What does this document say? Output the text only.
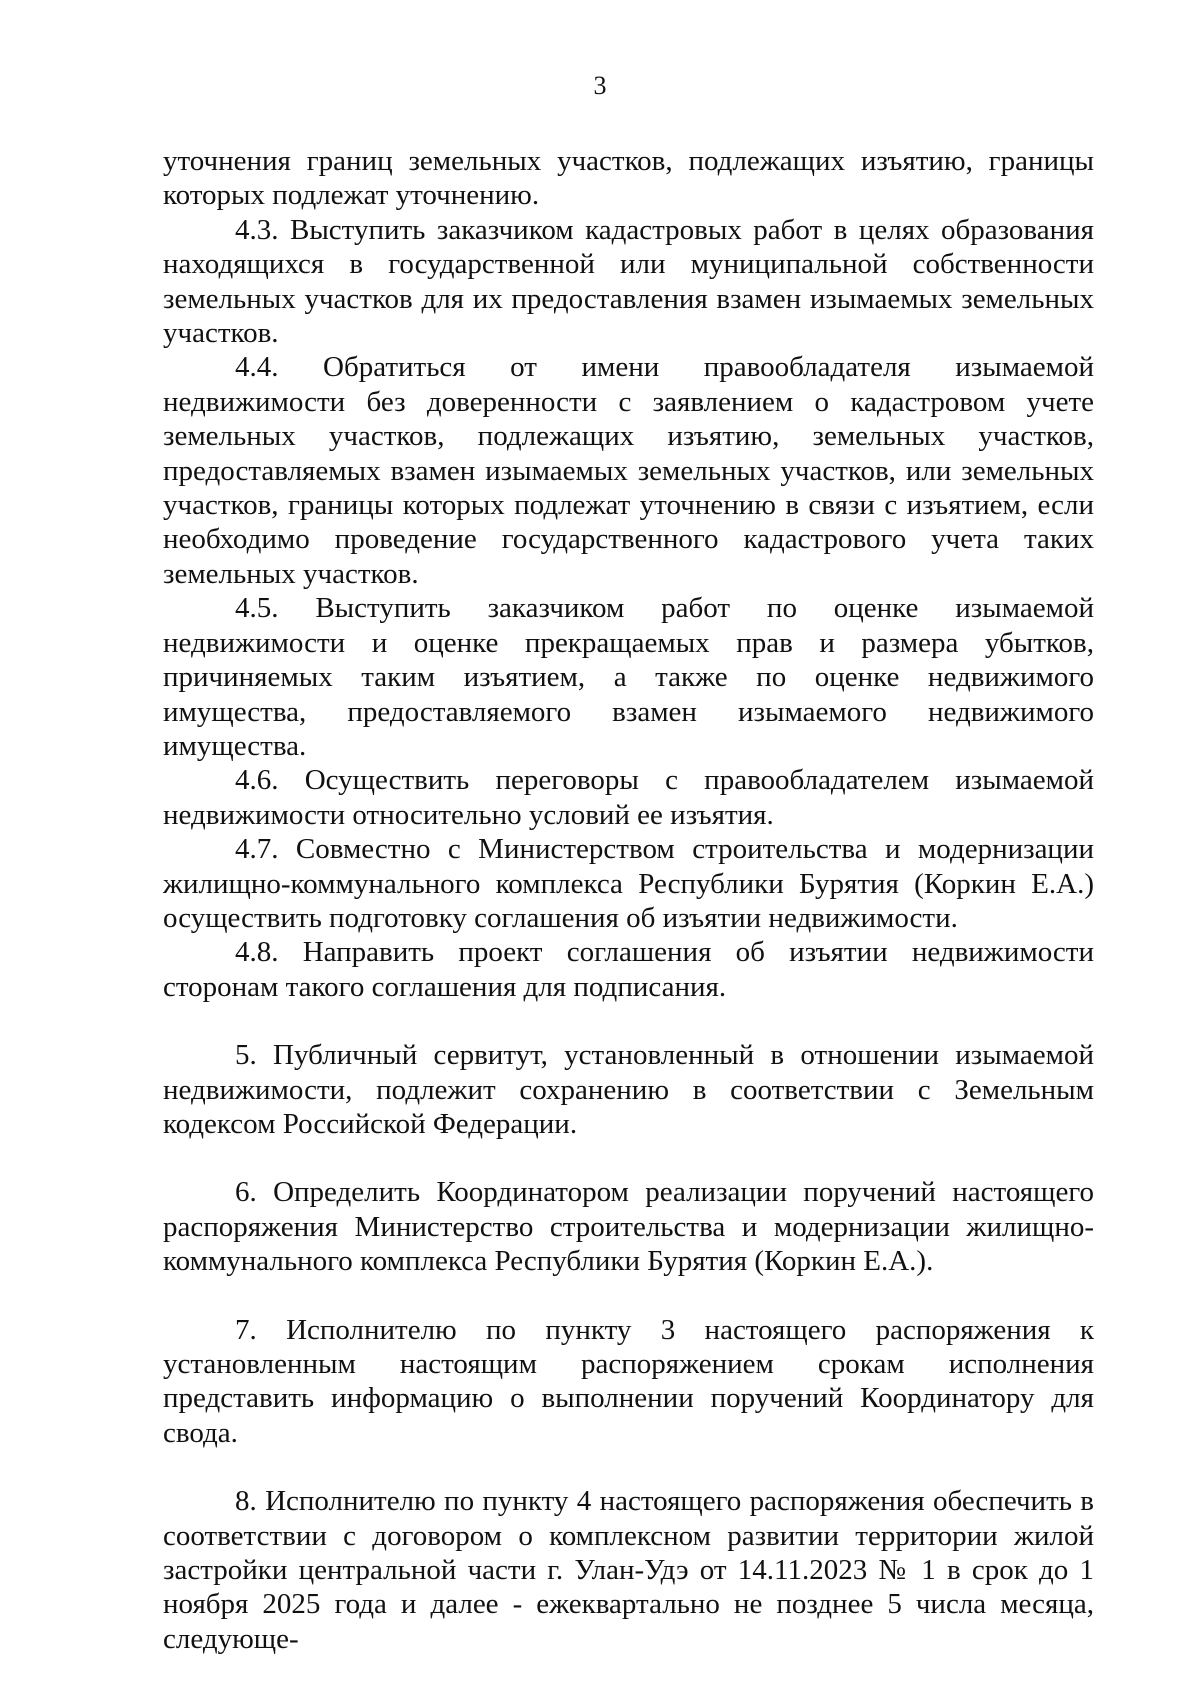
3

уточнения границ земельных участков, подлежащих изъятию, границы которых подлежат уточнению.

4.3. Выступить заказчиком кадастровых работ в целях образования находящихся в государственной или муниципальной собственности земельных участков для их предоставления взамен изымаемых земельных участков.

4.4. Обратиться от имени правообладателя изымаемой недвижимости без доверенности с заявлением о кадастровом учете земельных участков, подлежащих изъятию, земельных участков, предоставляемых взамен изымаемых земельных участков, или земельных участков, границы которых подлежат уточнению в связи с изъятием, если необходимо проведение государственного кадастрового учета таких земельных участков.

4.5. Выступить заказчиком работ по оценке изымаемой недвижимости и оценке прекращаемых прав и размера убытков, причиняемых таким изъятием, а также по оценке недвижимого имущества, предоставляемого взамен изымаемого недвижимого имущества.

4.6. Осуществить переговоры с правообладателем изымаемой недвижимости относительно условий ее изъятия.

4.7. Совместно с Министерством строительства и модернизации жилищно-коммунального комплекса Республики Бурятия (Коркин Е.А.) осуществить подготовку соглашения об изъятии недвижимости.

4.8. Направить проект соглашения об изъятии недвижимости сторонам такого соглашения для подписания.

5. Публичный сервитут, установленный в отношении изымаемой недвижимости, подлежит сохранению в соответствии с Земельным кодексом Российской Федерации.

6. Определить Координатором реализации поручений настоящего распоряжения Министерство строительства и модернизации жилищно-коммунального комплекса Республики Бурятия (Коркин Е.А.).

7. Исполнителю по пункту 3 настоящего распоряжения к установленным настоящим распоряжением срокам исполнения представить информацию о выполнении поручений Координатору для свода.

8. Исполнителю по пункту 4 настоящего распоряжения обеспечить в соответствии с договором о комплексном развитии территории жилой застройки центральной части г. Улан-Удэ от 14.11.2023 № 1 в срок до 1 ноября 2025 года и далее - ежеквартально не позднее 5 числа месяца, следующе-
